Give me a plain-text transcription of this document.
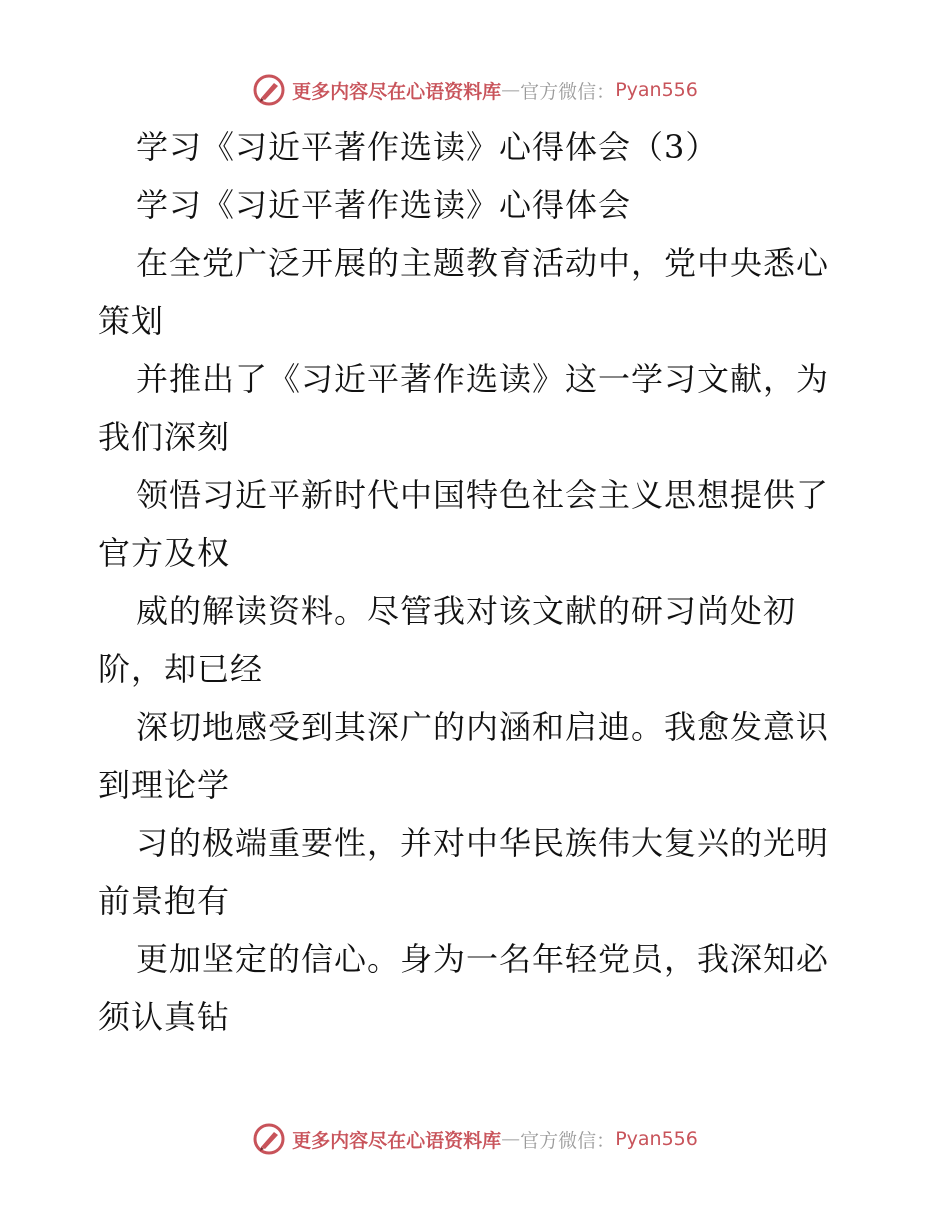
更多内容尽在心语资料库 — 官方微信： Pyan556
学习《习近平著作选读》心得体会（3）
学习《习近平著作选读》心得体会
在全党广泛开展的主题教育活动中，党中央悉心
策划
并推出了《习近平著作选读》这一学习文献，为
我们深刻
领悟习近平新时代中国特色社会主义思想提供了
官方及权
威的解读资料。尽管我对该文献的研习尚处初
阶，却已经
深切地感受到其深广的内涵和启迪。我愈发意识
到理论学
习的极端重要性，并对中华民族伟大复兴的光明
前景抱有
更加坚定的信心。身为一名年轻党员，我深知必
须认真钻
更多内容尽在心语资料库 — 官方微信： Pyan556
